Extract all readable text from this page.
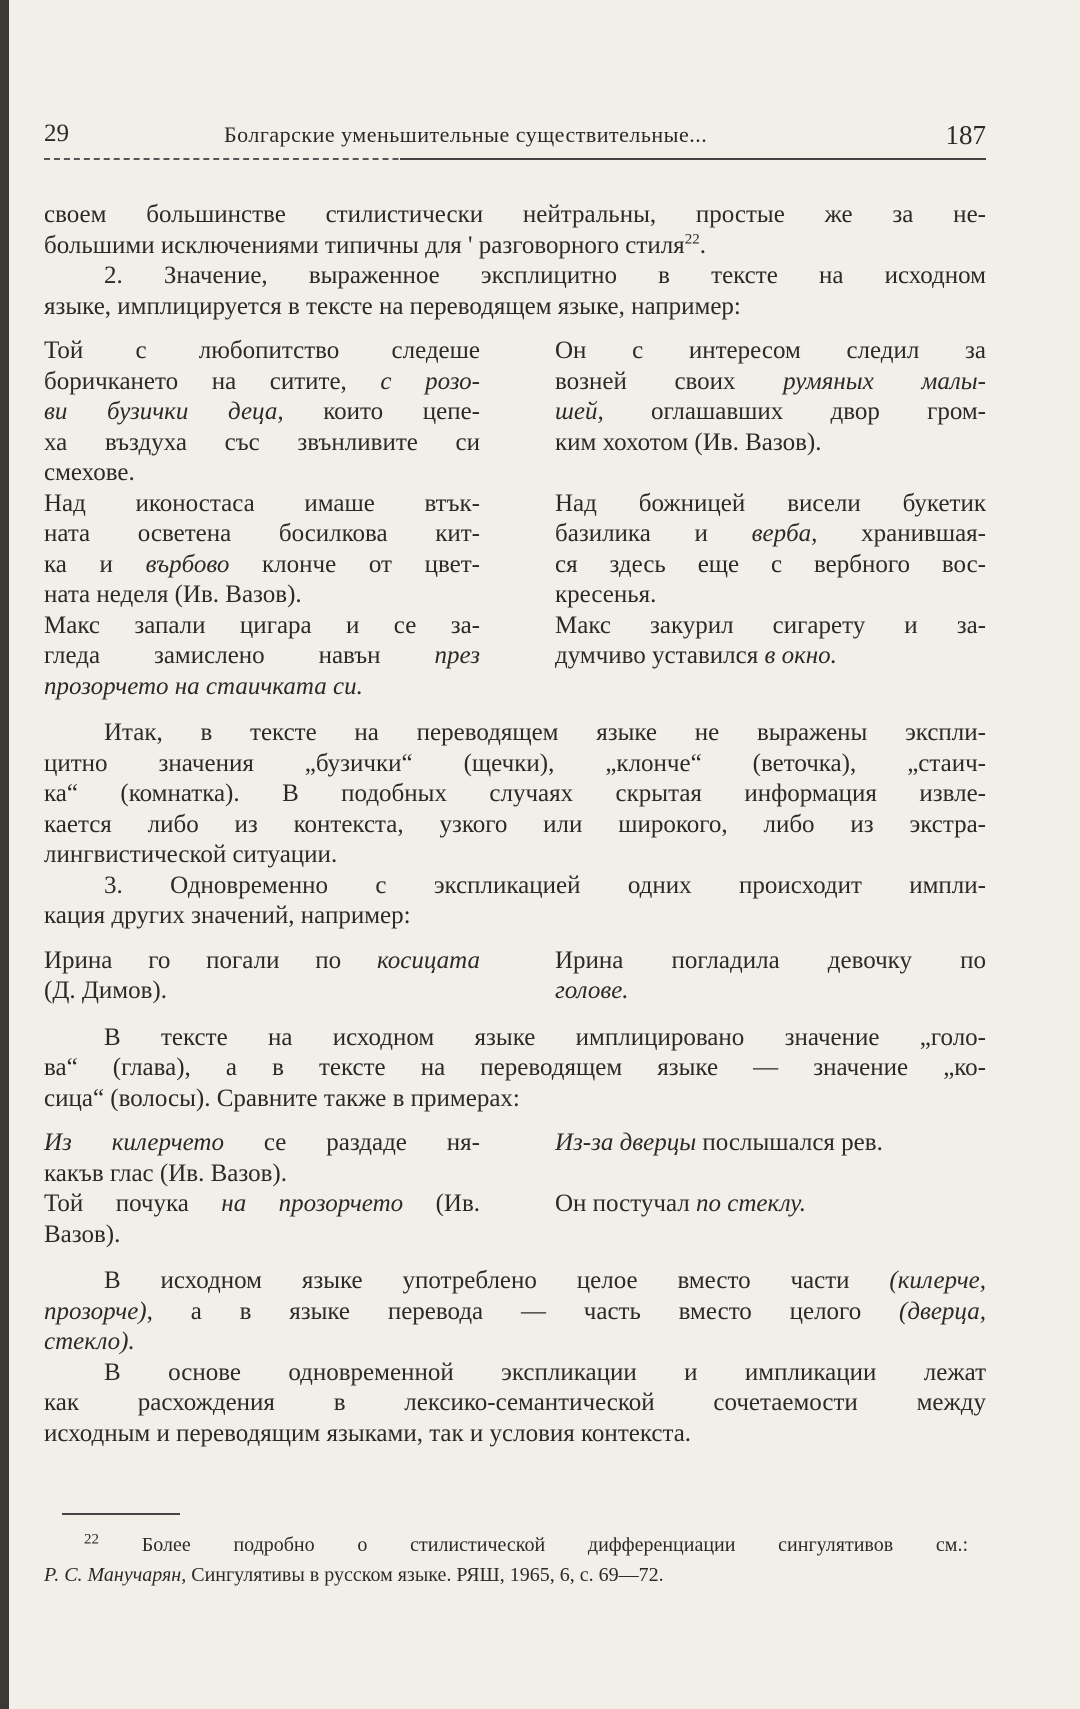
29	Болгарские уменьшительные существительные...	187
своем большинстве стилистически нейтральны, простые же за не-
большими исключениями типичны для ' разговорного стиля$^{22}$.
2. Значение, выраженное эксплицитно в тексте на исходном
языке, имплицируется в тексте на переводящем языке, например:
Той с любопитство следеше
боричкането на ситите, с розо-
ви бузички деца, които цепе-
ха въздуха със звънливите си
смехове.
Он с интересом следил за
возней своих румяных малы-
шей, оглашавших двор гром-
ким хохотом (Ив. Вазов).
Над иконостаса имаше втък-
ната осветена босилкова кит-
ка и върбово клонче от цвет-
ната неделя (Ив. Вазов).
Над божницей висели букетик
базилика и верба, хранившая-
ся здесь еще с вербного вос-
кресенья.
Макс запали цигара и се за-
гледа замислено навън през
прозорчето на стаичката си.
Макс закурил сигарету и за-
думчиво уставился в окно.
Итак, в тексте на переводящем языке не выражены экспли-
цитно значения „бузички“ (щечки), „клонче“ (веточка), „стаич-
ка“ (комнатка). В подобных случаях скрытая информация извле-
кается либо из контекста, узкого или широкого, либо из экстра-
лингвистической ситуации.
3. Одновременно с экспликацией одних происходит импли-
кация других значений, например:
Ирина го погали по косицата
(Д. Димов).
Ирина погладила девочку по
голове.
В тексте на исходном языке имплицировано значение „голо-
ва“ (глава), а в тексте на переводящем языке — значение „ко-
сица“ (волосы). Сравните также в примерах:
Из килерчето се раздаде ня-
какъв глас (Ив. Вазов).
Из-за дверцы послышался рев.
Той почука на прозорчето (Ив.
Вазов).
Он постучал по стеклу.
В исходном языке употреблено целое вместо части (килерче,
прозорче), а в языке перевода — часть вместо целого (дверца,
стекло).
В основе одновременной экспликации и импликации лежат
как расхождения в лексико-семантической сочетаемости между
исходным и переводящим языками, так и условия контекста.
$^{22}$ Более подробно о стилистической дифференциации сингулятивов см.:
Р. С. Манучарян, Сингулятивы в русском языке. РЯШ, 1965, 6, с. 69—72.
